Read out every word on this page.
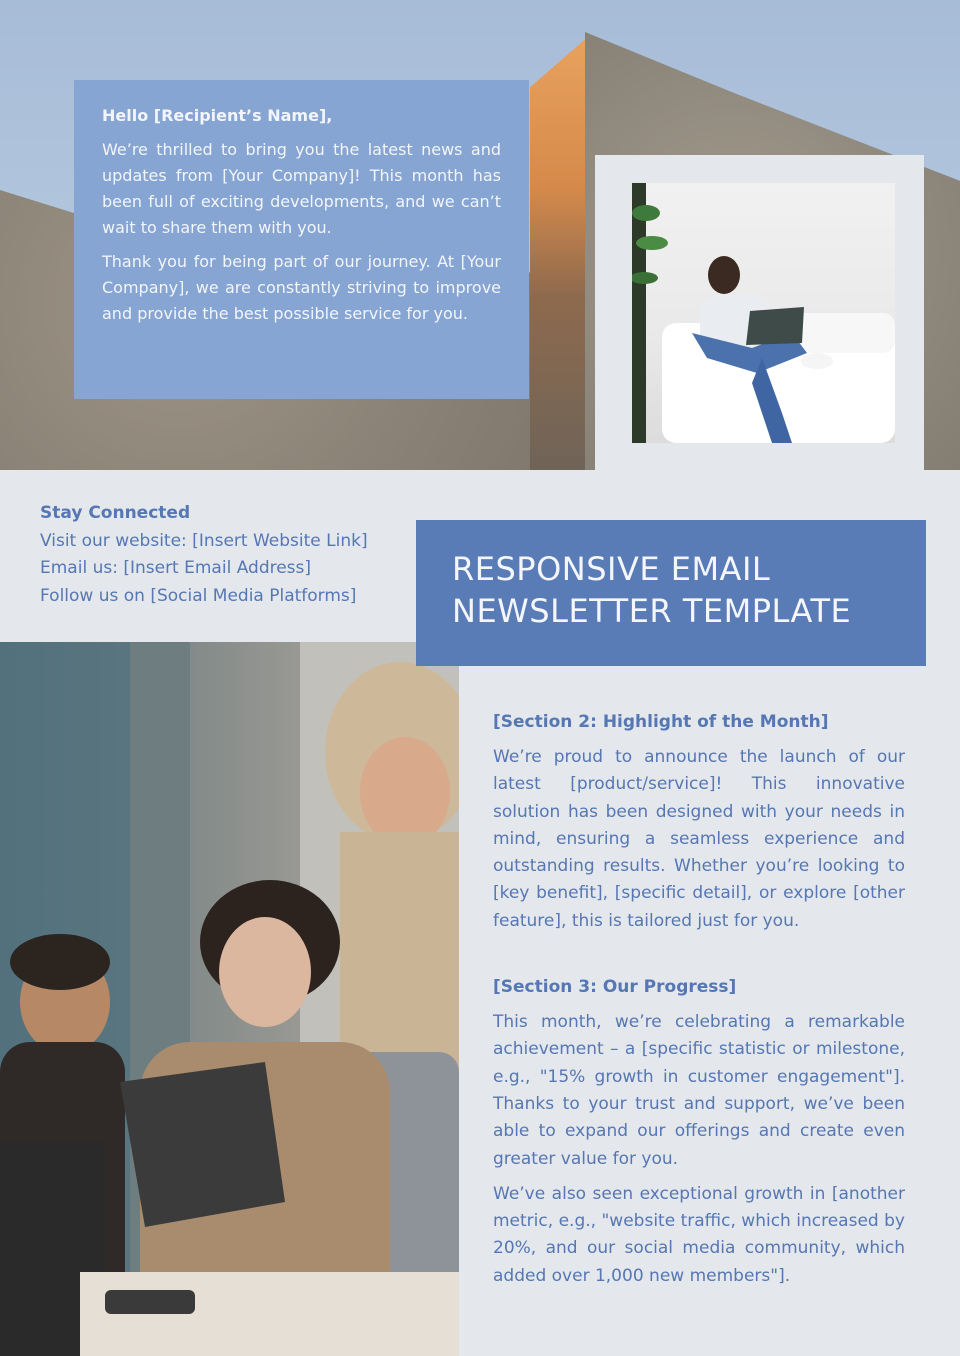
Hello [Recipient’s Name],

We’re thrilled to bring you the latest news and updates from [Your Company]! This month has been full of exciting developments, and we can’t wait to share them with you.

Thank you for being part of our journey. At [Your Company], we are constantly striving to improve and provide the best possible service for you.

Stay Connected
Visit our website: [Insert Website Link]
Email us: [Insert Email Address]
Follow us on [Social Media Platforms]
RESPONSIVE EMAIL
NEWSLETTER TEMPLATE
[Section 2: Highlight of the Month]

We’re proud to announce the launch of our latest [product/service]! This innovative solution has been designed with your needs in mind, ensuring a seamless experience and outstanding results. Whether you’re looking to [key benefit], [specific detail], or explore [other feature], this is tailored just for you.

[Section 3: Our Progress]

This month, we’re celebrating a remarkable achievement – a [specific statistic or milestone, e.g., "15% growth in customer engagement"]. Thanks to your trust and support, we’ve been able to expand our offerings and create even greater value for you.

We’ve also seen exceptional growth in [another metric, e.g., "website traffic, which increased by 20%, and our social media community, which added over 1,000 new members"].
